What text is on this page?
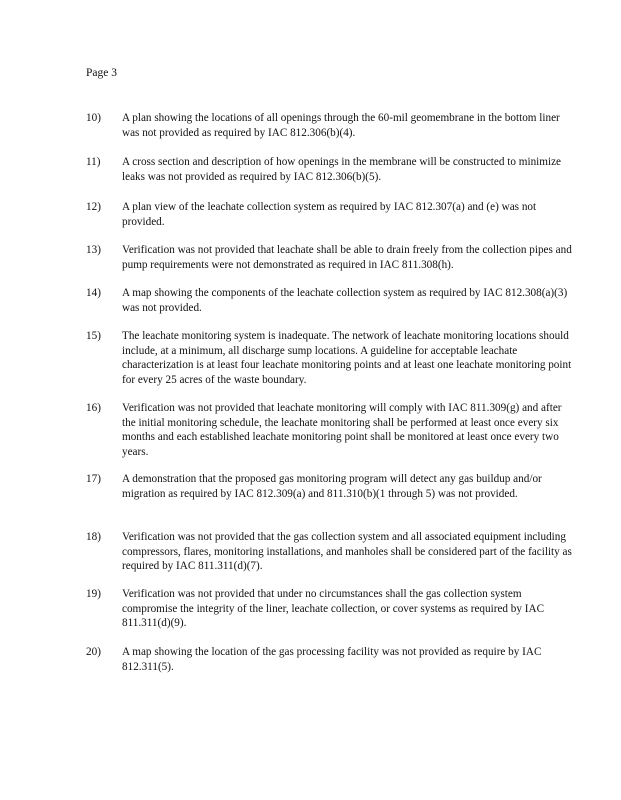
Page 3
10)	A plan showing the locations of all openings through the 60-mil geomembrane in the bottom liner was not provided as required by IAC 812.306(b)(4).
11)	A cross section and description of how openings in the membrane will be constructed to minimize leaks was not provided as required by IAC 812.306(b)(5).
12)	A plan view of the leachate collection system as required by IAC 812.307(a) and (e) was not provided.
13)	Verification was not provided that leachate shall be able to drain freely from the collection pipes and pump requirements were not demonstrated as required in IAC 811.308(h).
14)	A map showing the components of the leachate collection system as required by IAC 812.308(a)(3) was not provided.
15)	The leachate monitoring system is inadequate. The network of leachate monitoring locations should include, at a minimum, all discharge sump locations. A guideline for acceptable leachate characterization is at least four leachate monitoring points and at least one leachate monitoring point for every 25 acres of the waste boundary.
16)	Verification was not provided that leachate monitoring will comply with IAC 811.309(g) and after the initial monitoring schedule, the leachate monitoring shall be performed at least once every six months and each established leachate monitoring point shall be monitored at least once every two years.
17)	A demonstration that the proposed gas monitoring program will detect any gas buildup and/or migration as required by IAC 812.309(a) and 811.310(b)(1 through 5) was not provided.
18)	Verification was not provided that the gas collection system and all associated equipment including compressors, flares, monitoring installations, and manholes shall be considered part of the facility as required by IAC 811.311(d)(7).
19)	Verification was not provided that under no circumstances shall the gas collection system compromise the integrity of the liner, leachate collection, or cover systems as required by IAC 811.311(d)(9).
20)	A map showing the location of the gas processing facility was not provided as require by IAC 812.311(5).
